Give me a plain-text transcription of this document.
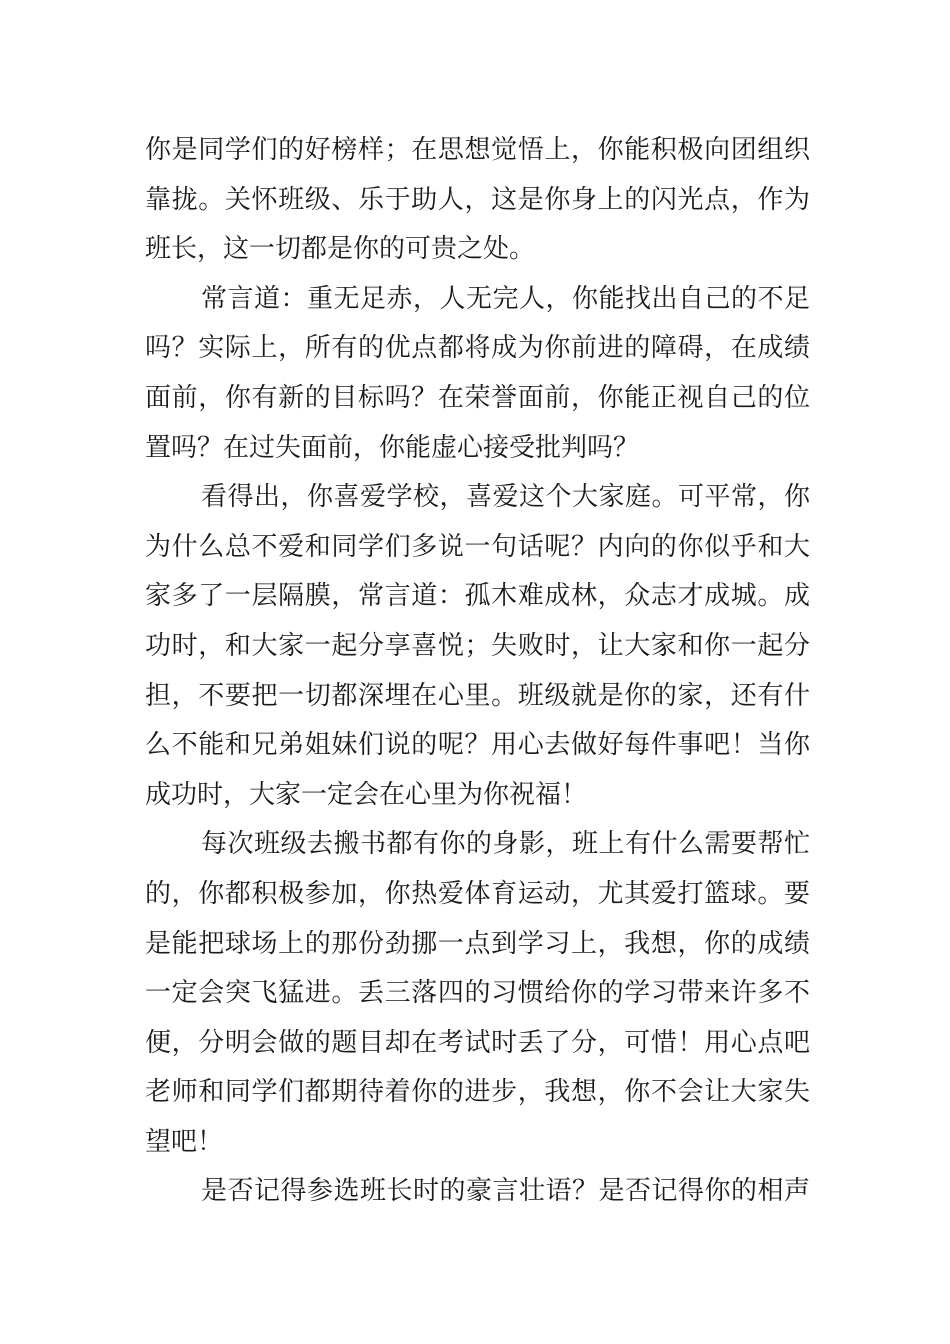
你是同学们的好榜样；在思想觉悟上，你能积极向团组织
靠拢。关怀班级、乐于助人，这是你身上的闪光点，作为
班长，这一切都是你的可贵之处。
常言道：重无足赤，人无完人，你能找出自己的不足
吗？实际上，所有的优点都将成为你前进的障碍，在成绩
面前，你有新的目标吗？在荣誉面前，你能正视自己的位
置吗？在过失面前，你能虚心接受批判吗？
看得出，你喜爱学校，喜爱这个大家庭。可平常，你
为什么总不爱和同学们多说一句话呢？内向的你似乎和大
家多了一层隔膜，常言道：孤木难成林，众志才成城。成
功时，和大家一起分享喜悦；失败时，让大家和你一起分
担，不要把一切都深埋在心里。班级就是你的家，还有什
么不能和兄弟姐妹们说的呢？用心去做好每件事吧！当你
成功时，大家一定会在心里为你祝福！
每次班级去搬书都有你的身影，班上有什么需要帮忙
的，你都积极参加，你热爱体育运动，尤其爱打篮球。要
是能把球场上的那份劲挪一点到学习上，我想，你的成绩
一定会突飞猛进。丢三落四的习惯给你的学习带来许多不
便，分明会做的题目却在考试时丢了分，可惜！用心点吧
老师和同学们都期待着你的进步，我想，你不会让大家失
望吧！
是否记得参选班长时的豪言壮语？是否记得你的相声
